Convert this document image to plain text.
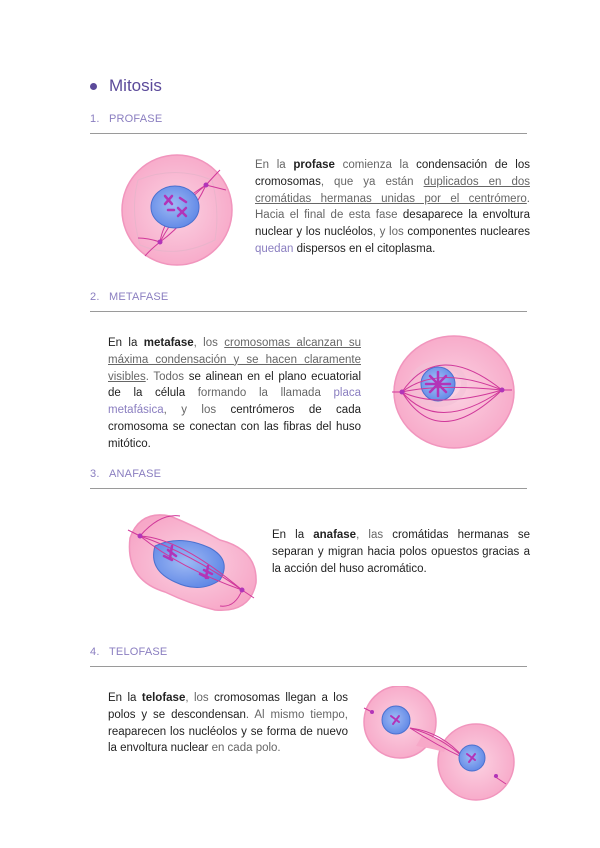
Mitosis
1. PROFASE
En la profase comienza la condensación de los cromosomas, que ya están duplicados en dos cromátidas hermanas unidas por el centrómero. Hacia el final de esta fase desaparece la envoltura nuclear y los nucléolos, y los componentes nucleares quedan dispersos en el citoplasma.
2. METAFASE
En la metafase, los cromosomas alcanzan su máxima condensación y se hacen claramente visibles. Todos se alinean en el plano ecuatorial de la célula formando la llamada placa metafásica, y los centrómeros de cada cromosoma se conectan con las fibras del huso mitótico.
3. ANAFASE
En la anafase, las cromátidas hermanas se separan y migran hacia polos opuestos gracias a la acción del huso acromático.
4. TELOFASE
En la telofase, los cromosomas llegan a los polos y se descondensan. Al mismo tiempo, reaparecen los nucléolos y se forma de nuevo la envoltura nuclear en cada polo.
